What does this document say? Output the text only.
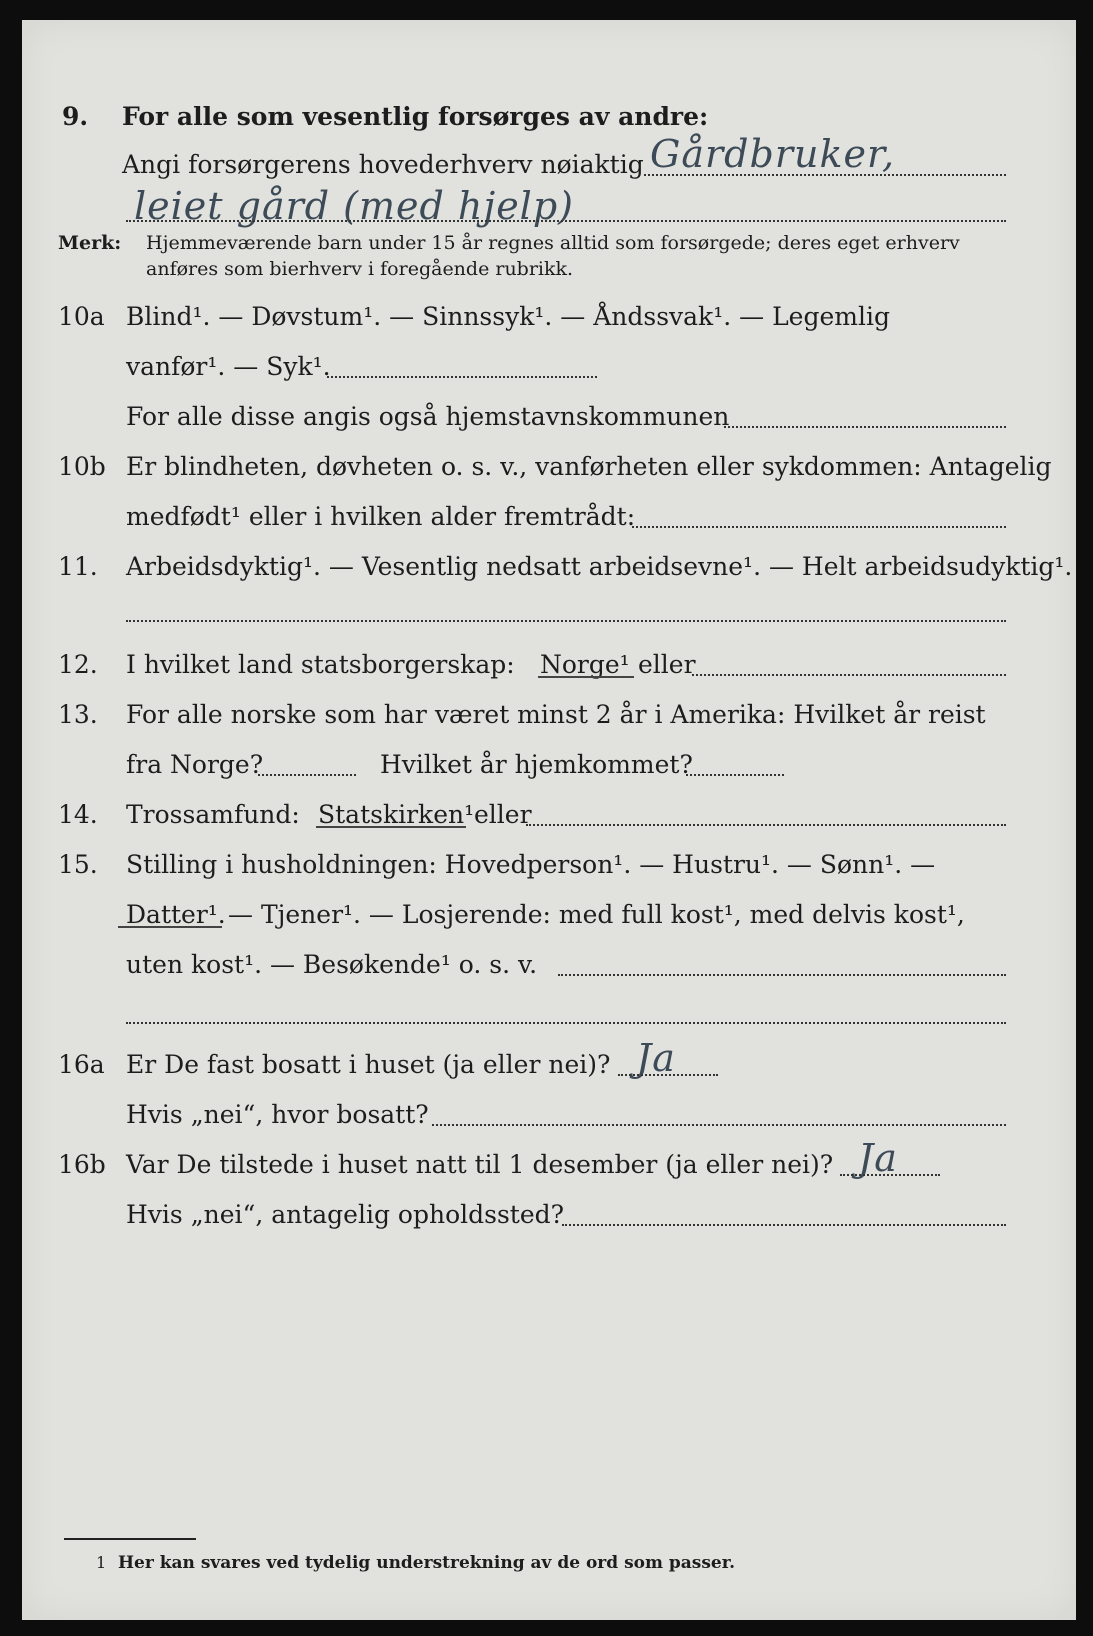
9. For alle som vesentlig forsørges av andre:
Angi forsørgerens hovederhverv nøiaktig Gårdbruker,
leiet gård (med hjelp)
Merk: Hjemmeværende barn under 15 år regnes alltid som forsørgede; deres eget erhverv
anføres som bierhverv i foregående rubrikk.
10a Blind¹. — Døvstum¹. — Sinnssyk¹. — Åndssvak¹. — Legemlig
vanfør¹. — Syk¹.
For alle disse angis også hjemstavnskommunen
10b Er blindheten, døvheten o. s. v., vanførheten eller sykdommen: Antagelig
medfødt¹ eller i hvilken alder fremtrådt:
11. Arbeidsdyktig¹. — Vesentlig nedsatt arbeidsevne¹. — Helt arbeidsudyktig¹.
12. I hvilket land statsborgerskap: Norge¹ eller
13. For alle norske som har været minst 2 år i Amerika: Hvilket år reist
fra Norge?	Hvilket år hjemkommet?
14. Trossamfund: Statskirken¹ eller
15. Stilling i husholdningen: Hovedperson¹. — Hustru¹. — Sønn¹. —
Datter¹. — Tjener¹. — Losjerende: med full kost¹, med delvis kost¹,
uten kost¹. — Besøkende¹ o. s. v.
16a Er De fast bosatt i huset (ja eller nei)? Ja
Hvis „nei“, hvor bosatt?
16b Var De tilstede i huset natt til 1 desember (ja eller nei)? Ja
Hvis „nei“, antagelig opholdssted?
1 Her kan svares ved tydelig understrekning av de ord som passer.
